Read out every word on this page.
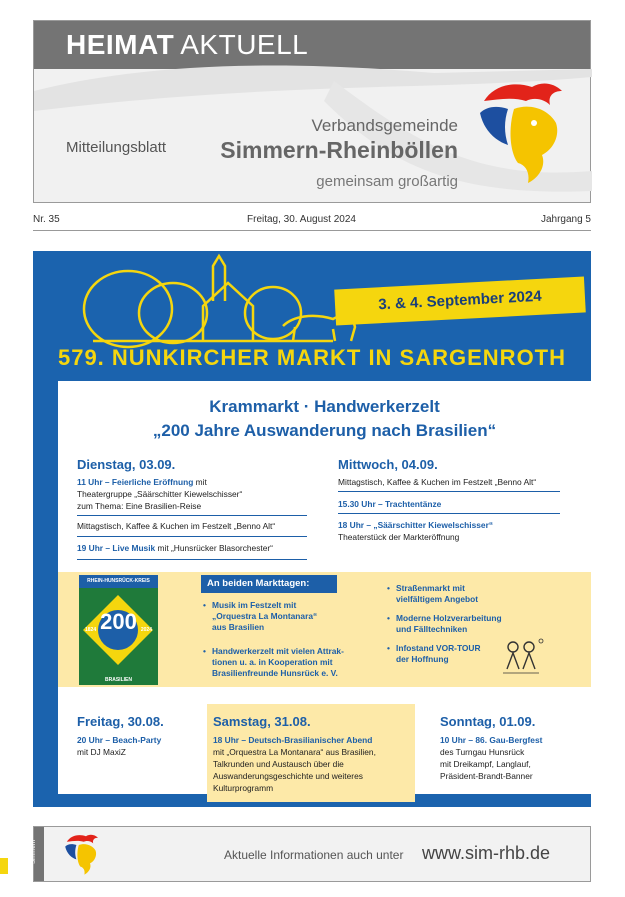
HEIMAT AKTUELL
Mitteilungsblatt
Verbandsgemeinde
Simmern-Rheinböllen
gemeinsam großartig
Nr. 35	Freitag, 30. August 2024	Jahrgang 5
3. & 4. September 2024
579. NUNKIRCHER MARKT IN SARGENROTH
Krammarkt · Handwerkerzelt
„200 Jahre Auswanderung nach Brasilien“
Dienstag, 03.09.
11 Uhr – Feierliche Eröffnung mit
Theatergruppe „Säärschitter Kiewelschisser“
zum Thema: Eine Brasilien-Reise
Mittagstisch, Kaffee & Kuchen im Festzelt „Benno Alt“
19 Uhr – Live Musik mit „Hunsrücker Blasorchester“
Mittwoch, 04.09.
Mittagstisch, Kaffee & Kuchen im Festzelt „Benno Alt“
15.30 Uhr – Trachtentänze
18 Uhr – „Säärschitter Kiewelschisser“
Theaterstück der Markteröffnung
An beiden Markttagen:
• Musik im Festzelt mit
„Orquestra La Montanara“
aus Brasilien
• Handwerkerzelt mit vielen Attrak-
tionen u. a. in Kooperation mit
Brasilienfreunde Hunsrück e. V.
• Straßenmarkt mit
vielfältigem Angebot
• Moderne Holzverarbeitung
und Fälltechniken
• Infostand VOR-TOUR
der Hoffnung
RHEIN-HUNSRÜCK-KREIS
200
1824	2024
BRASILIEN
Freitag, 30.08.
20 Uhr – Beach-Party
mit DJ MaxiZ
Samstag, 31.08.
18 Uhr – Deutsch-Brasilianischer Abend
mit „Orquestra La Montanara“ aus Brasilien,
Talkrunden und Austausch über die
Auswanderungsgeschichte und weiteres
Kulturprogramm
Sonntag, 01.09.
10 Uhr – 86. Gau-Bergfest
des Turngau Hunsrück
mit Dreikampf, Langlauf,
Präsident-Brandt-Banner
Simmern	Aktuelle Informationen auch unter www.sim-rhb.de
